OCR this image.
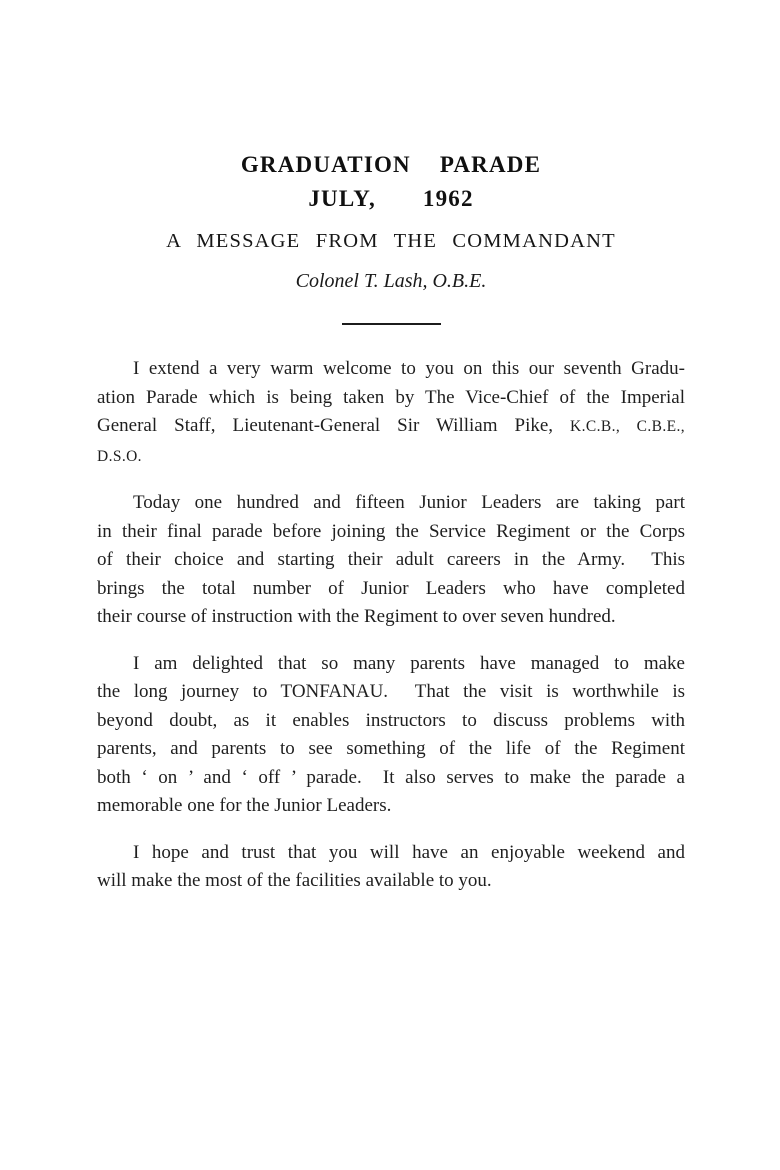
GRADUATION PARADE
JULY, 1962
A MESSAGE FROM THE COMMANDANT
Colonel T. Lash, O.B.E.

I extend a very warm welcome to you on this our seventh Gradu-
ation Parade which is being taken by The Vice-Chief of the Imperial
General Staff, Lieutenant-General Sir William Pike, K.C.B., C.B.E.,
D.S.O.

Today one hundred and fifteen Junior Leaders are taking part
in their final parade before joining the Service Regiment or the Corps
of their choice and starting their adult careers in the Army.  This
brings the total number of Junior Leaders who have completed
their course of instruction with the Regiment to over seven hundred.

I am delighted that so many parents have managed to make
the long journey to TONFANAU.  That the visit is worthwhile is
beyond doubt, as it enables instructors to discuss problems with
parents, and parents to see something of the life of the Regiment
both ‘ on ’ and ‘ off ’ parade.  It also serves to make the parade a
memorable one for the Junior Leaders.

I hope and trust that you will have an enjoyable weekend and
will make the most of the facilities available to you.
